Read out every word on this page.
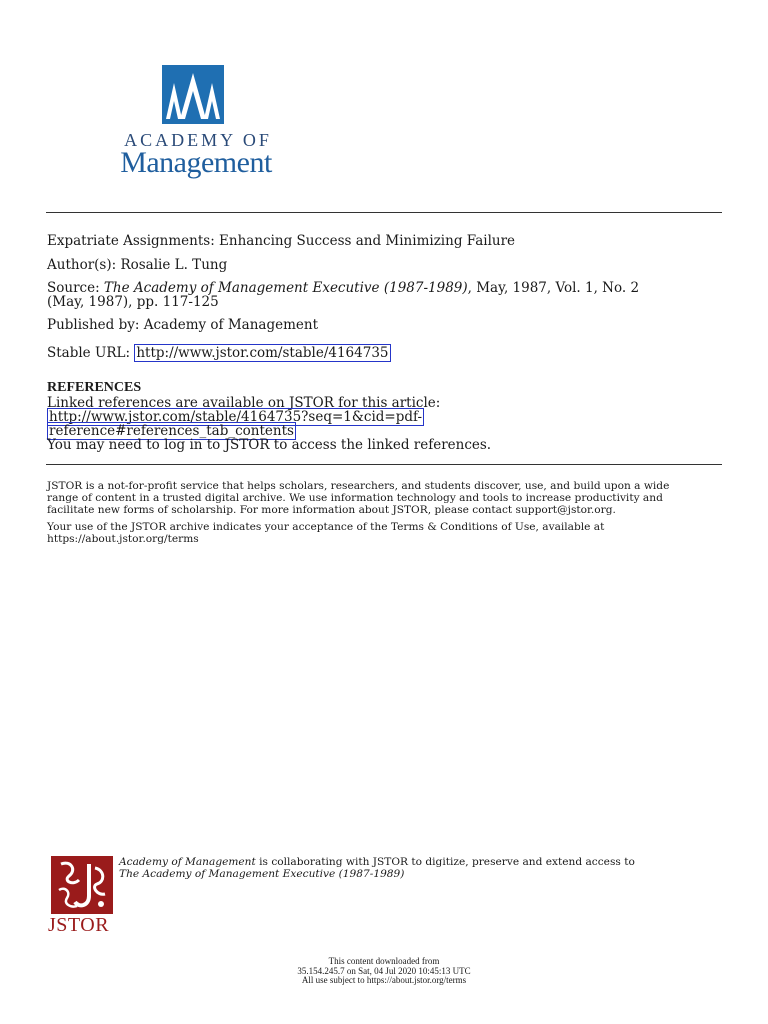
ACADEMY OF
Management
Expatriate Assignments: Enhancing Success and Minimizing Failure
Author(s): Rosalie L. Tung
Source: The Academy of Management Executive (1987-1989), May, 1987, Vol. 1, No. 2
(May, 1987), pp. 117-125
Published by: Academy of Management
Stable URL: http://www.jstor.com/stable/4164735
REFERENCES
Linked references are available on JSTOR for this article:
http://www.jstor.com/stable/4164735?seq=1&cid=pdf-
reference#references_tab_contents
You may need to log in to JSTOR to access the linked references.
JSTOR is a not-for-profit service that helps scholars, researchers, and students discover, use, and build upon a wide
range of content in a trusted digital archive. We use information technology and tools to increase productivity and
facilitate new forms of scholarship. For more information about JSTOR, please contact support@jstor.org.
Your use of the JSTOR archive indicates your acceptance of the Terms & Conditions of Use, available at
https://about.jstor.org/terms
JSTOR
Academy of Management is collaborating with JSTOR to digitize, preserve and extend access to
The Academy of Management Executive (1987-1989)
This content downloaded from
35.154.245.7 on Sat, 04 Jul 2020 10:45:13 UTC
All use subject to https://about.jstor.org/terms
